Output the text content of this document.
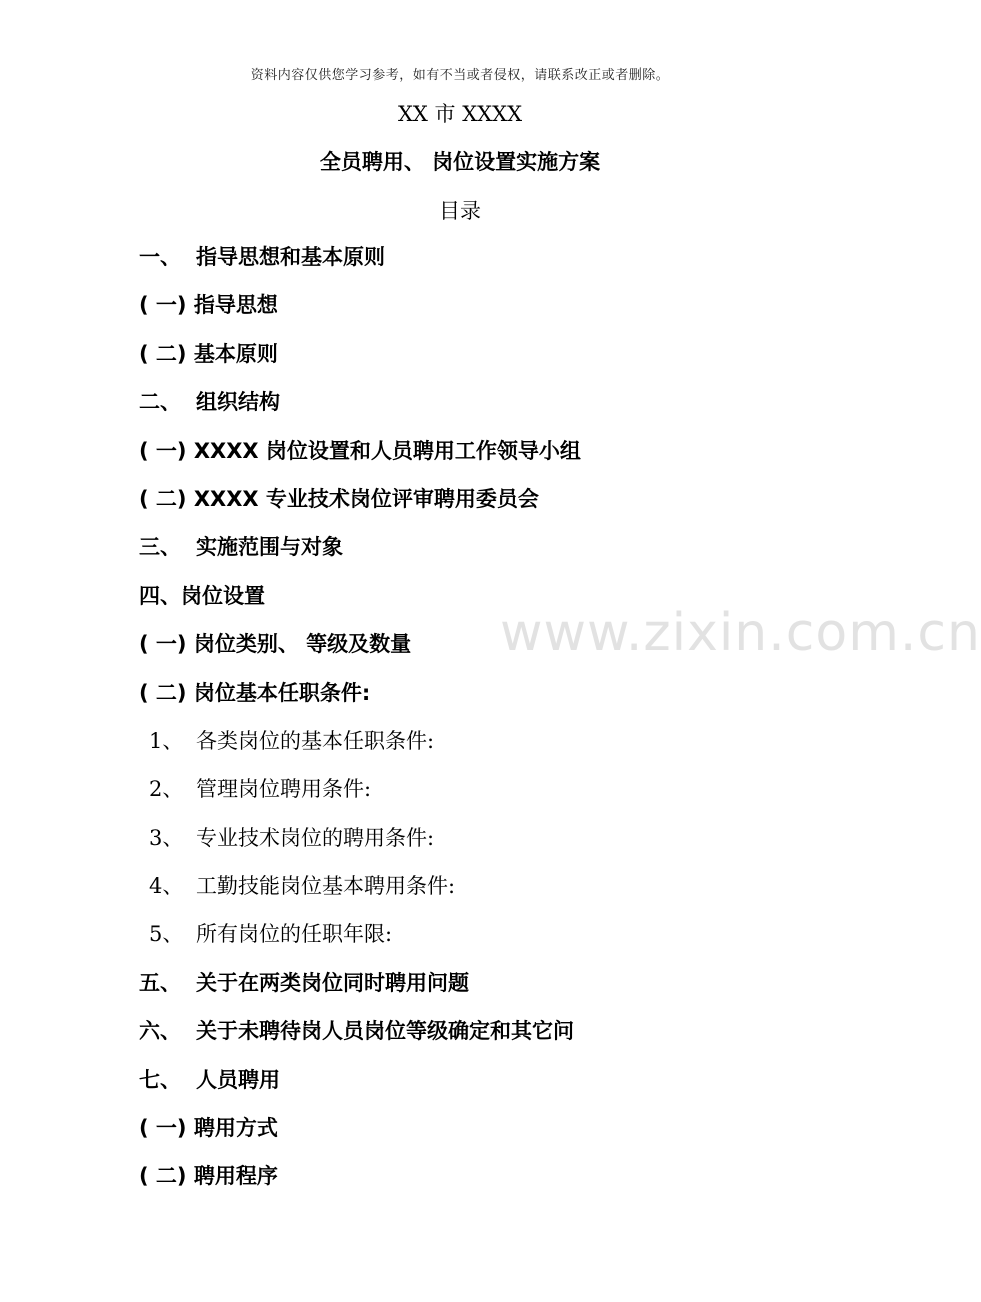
资料内容仅供您学习参考，如有不当或者侵权，请联系改正或者删除。
XX 市 XXXX
全员聘用、 岗位设置实施方案
目录
一、 指导思想和基本原则
( 一) 指导思想
( 二) 基本原则
二、 组织结构
( 一) XXXX 岗位设置和人员聘用工作领导小组
( 二) XXXX 专业技术岗位评审聘用委员会
三、 实施范围与对象
四、岗位设置
( 一) 岗位类别、 等级及数量
( 二) 岗位基本任职条件:
1、 各类岗位的基本任职条件:
2、 管理岗位聘用条件:
3、 专业技术岗位的聘用条件:
4、 工勤技能岗位基本聘用条件:
5、 所有岗位的任职年限:
五、 关于在两类岗位同时聘用问题
六、 关于未聘待岗人员岗位等级确定和其它问
七、 人员聘用
( 一) 聘用方式
( 二) 聘用程序
www.zixin.com.cn
